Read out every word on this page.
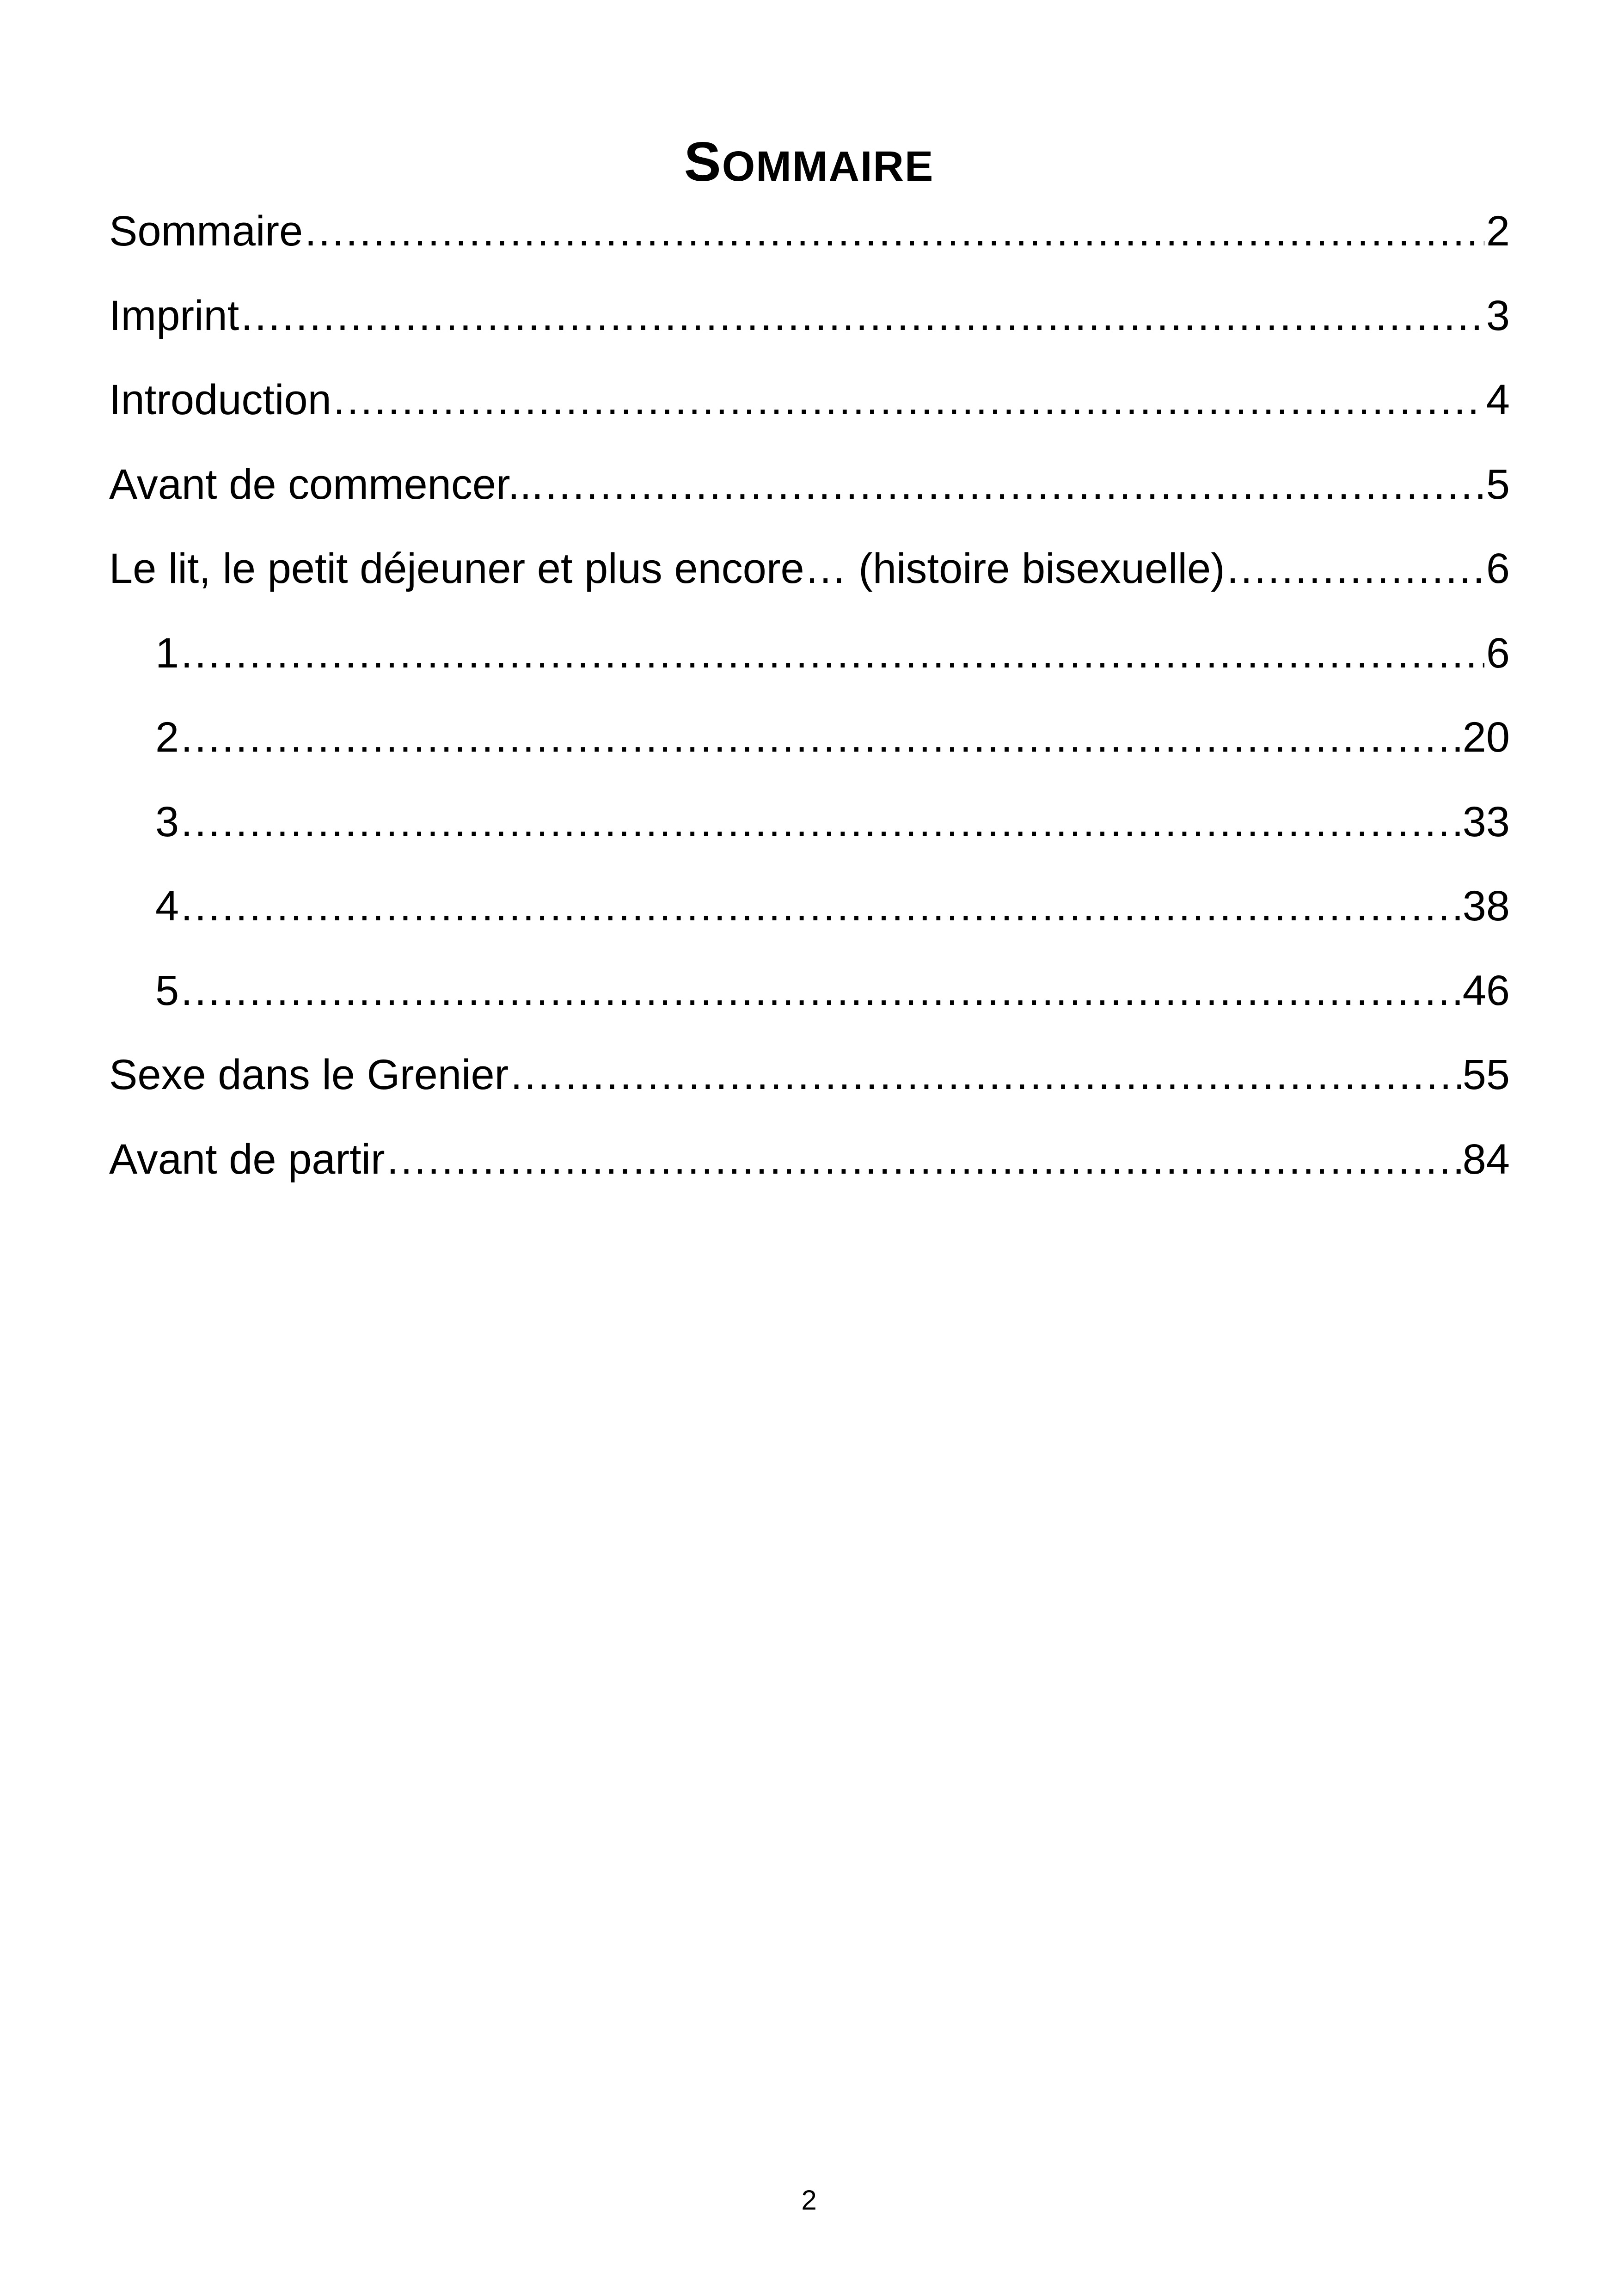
SOMMAIRE
Sommaire .....	2
Imprint .....	3
Introduction .....	4
Avant de commencer... .....	5
Le lit, le petit déjeuner et plus encore… (histoire bisexuelle) .....	6
1 .....	6
2 .....	20
3 .....	33
4 .....	38
5 .....	46
Sexe dans le Grenier .....	55
Avant de partir .....	84
2
